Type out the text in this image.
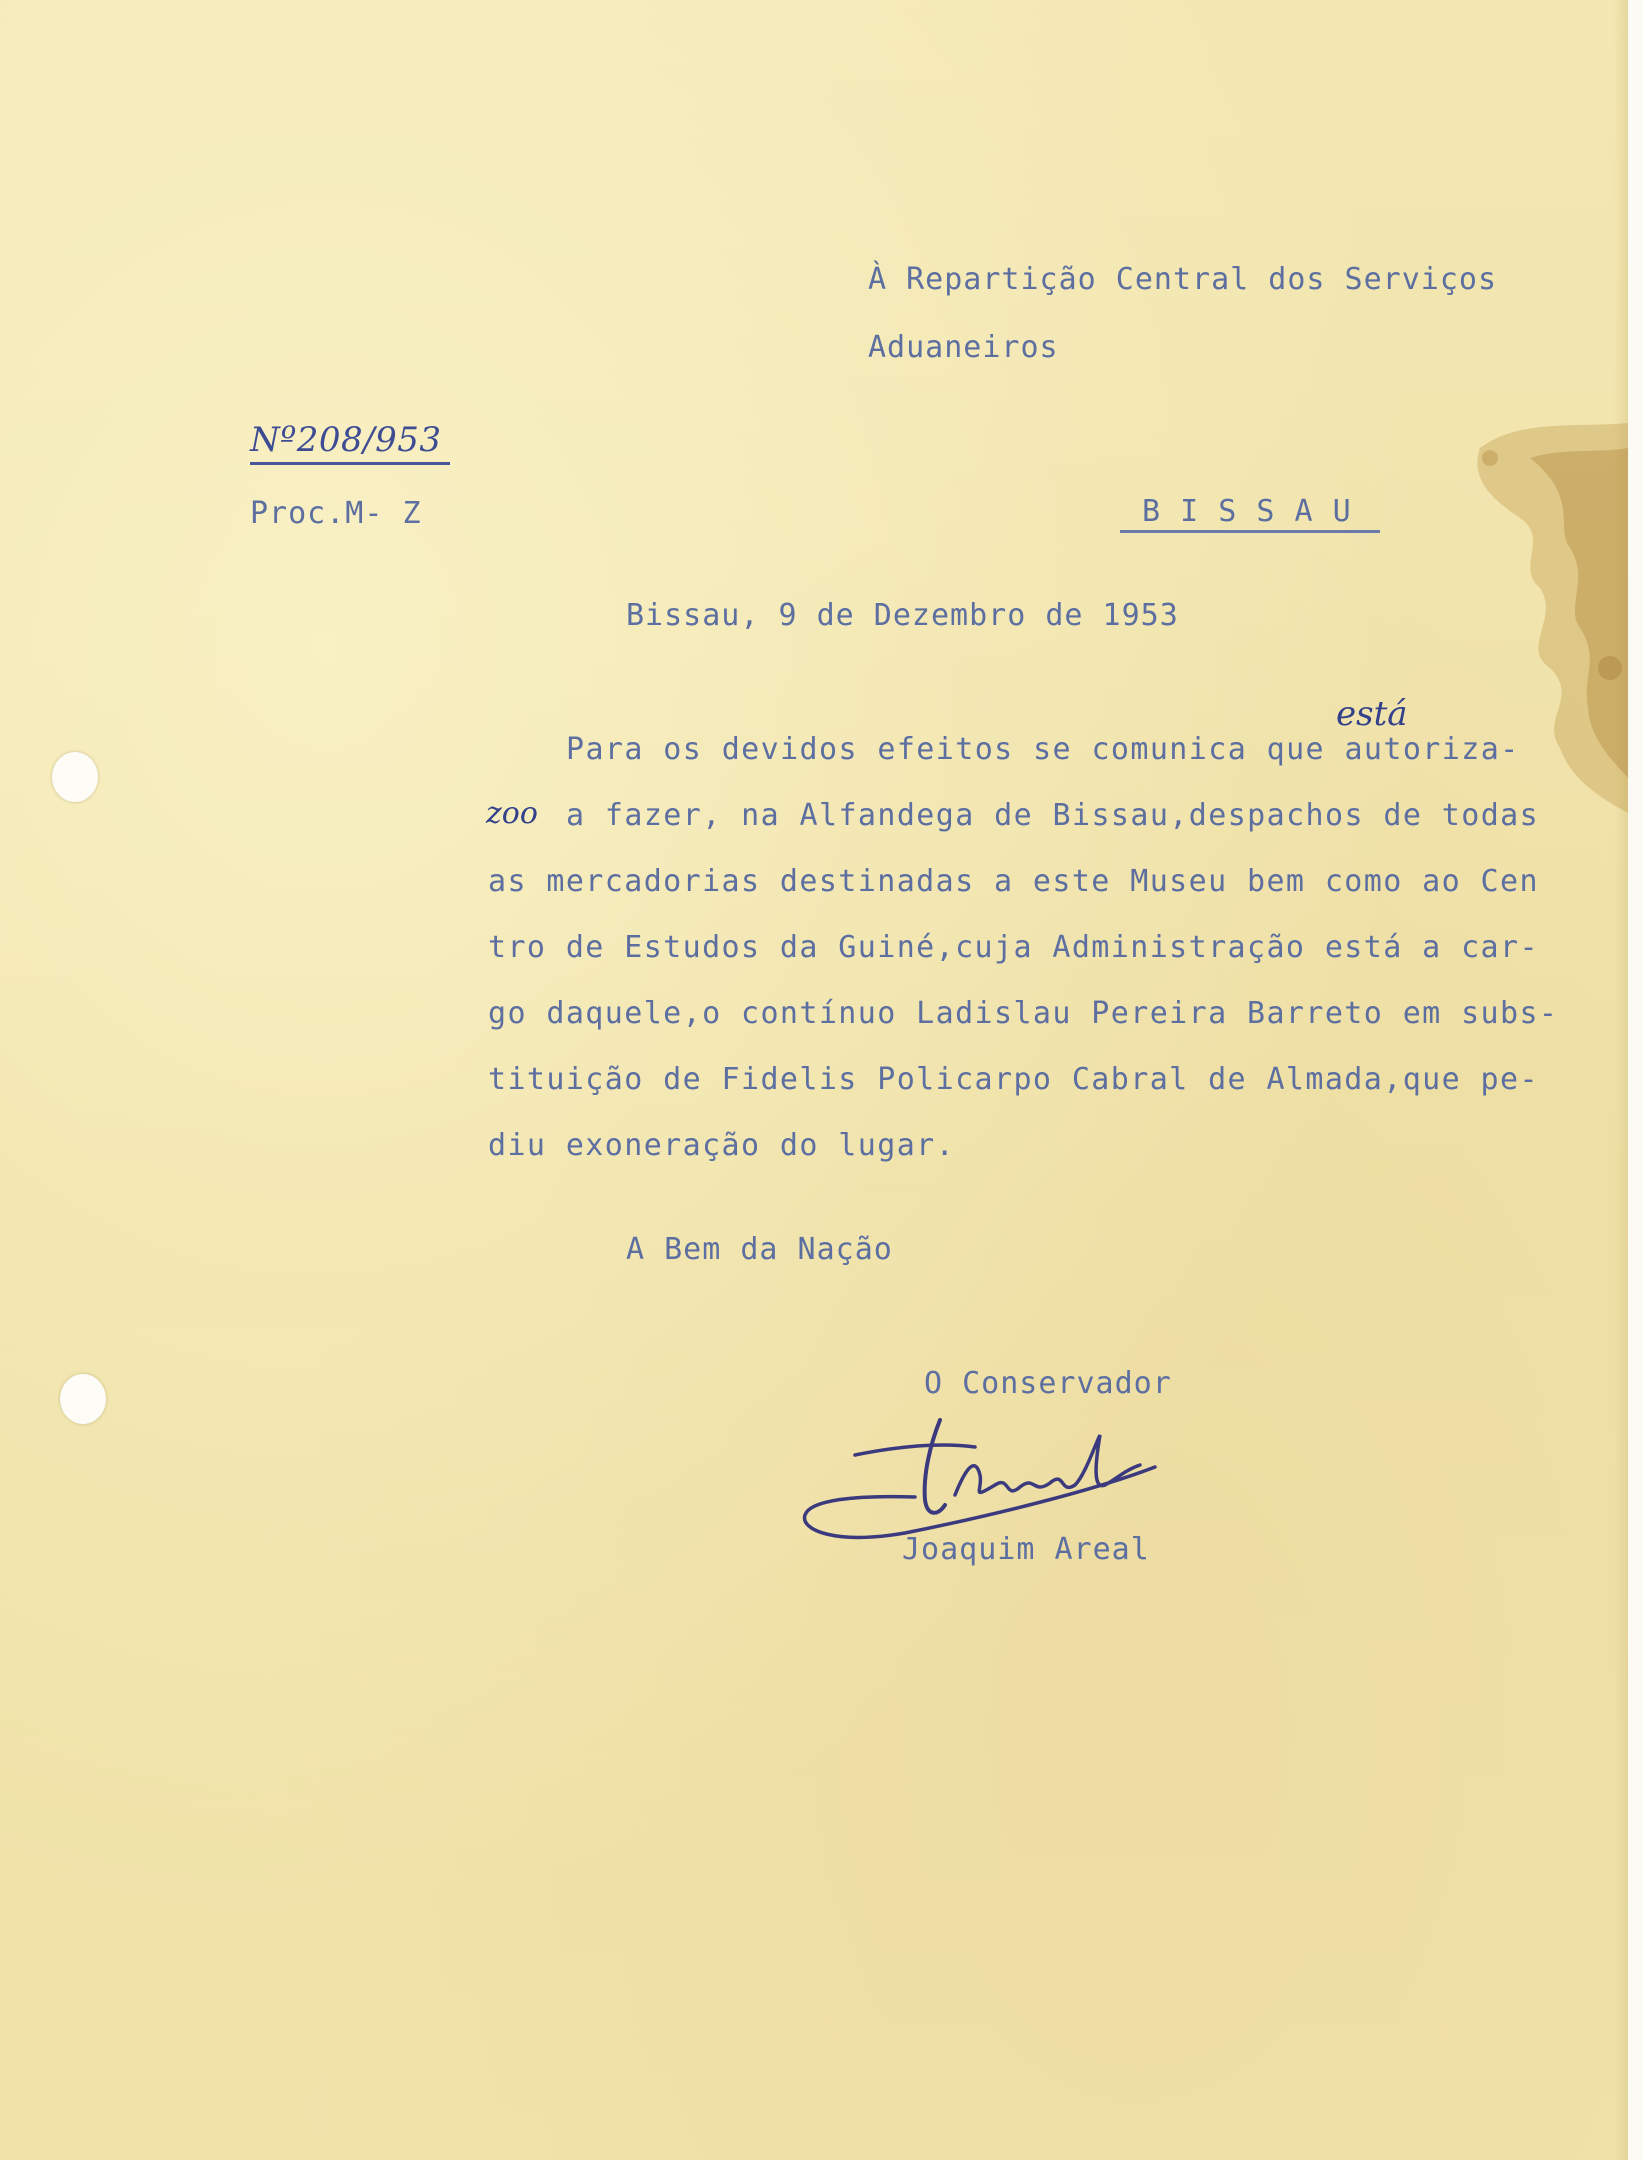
À Repartição Central dos Serviços
Aduaneiros
Nº208/953
Proc.M- Z	B I S S A U
Bissau, 9 de Dezembro de 1953
está
zoo
Para os devidos efeitos se comunica que autoriza-
a fazer, na Alfandega de Bissau,despachos de todas
as mercadorias destinadas a este Museu bem como ao Cen
tro de Estudos da Guiné,cuja Administração está a car-
go daquele,o contínuo Ladislau Pereira Barreto em subs-
tituição de Fidelis Policarpo Cabral de Almada,que pe-
diu exoneração do lugar.
A Bem da Nação
O Conservador
Joaquim Areal
